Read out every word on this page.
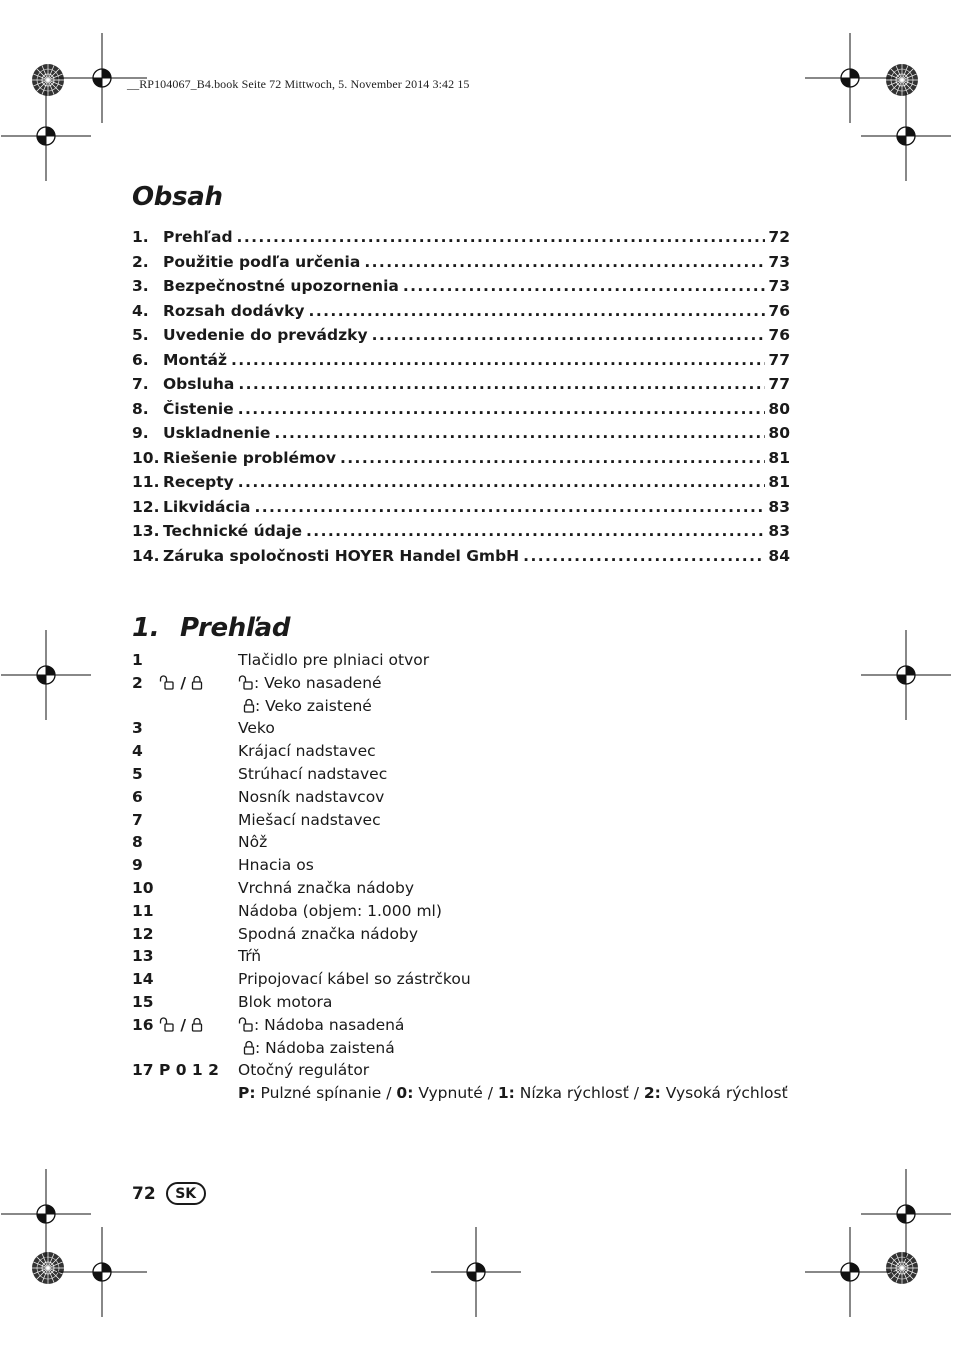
__RP104067_B4.book Seite 72 Mittwoch, 5. November 2014 3:42 15
Obsah
1. Prehľad .....	72
2. Použitie podľa určenia .....	73
3. Bezpečnostné upozornenia .....	73
4. Rozsah dodávky .....	76
5. Uvedenie do prevádzky .....	76
6. Montáž .....	77
7. Obsluha .....	77
8. Čistenie .....	80
9. Uskladnenie .....	80
10. Riešenie problémov .....	81
11. Recepty .....	81
12. Likvidácia .....	83
13. Technické údaje .....	83
14. Záruka spoločnosti HOYER Handel GmbH .....	84
1. Prehľad
1	Tlačidlo pre plniaci otvor
2 /	: Veko nasadené
: Veko zaistené
3	Veko
4	Krájací nadstavec
5	Strúhací nadstavec
6	Nosník nadstavcov
7	Miešací nadstavec
8	Nôž
9	Hnacia os
10	Vrchná značka nádoby
11	Nádoba (objem: 1.000 ml)
12	Spodná značka nádoby
13	Tŕň
14	Pripojovací kábel so zástrčkou
15	Blok motora
16 /	: Nádoba nasadená
: Nádoba zaistená
17 P 0 1 2	Otočný regulátor
P: Pulzné spínanie / 0: Vypnuté / 1: Nízka rýchlosť / 2: Vysoká rýchlosť
72	SK
